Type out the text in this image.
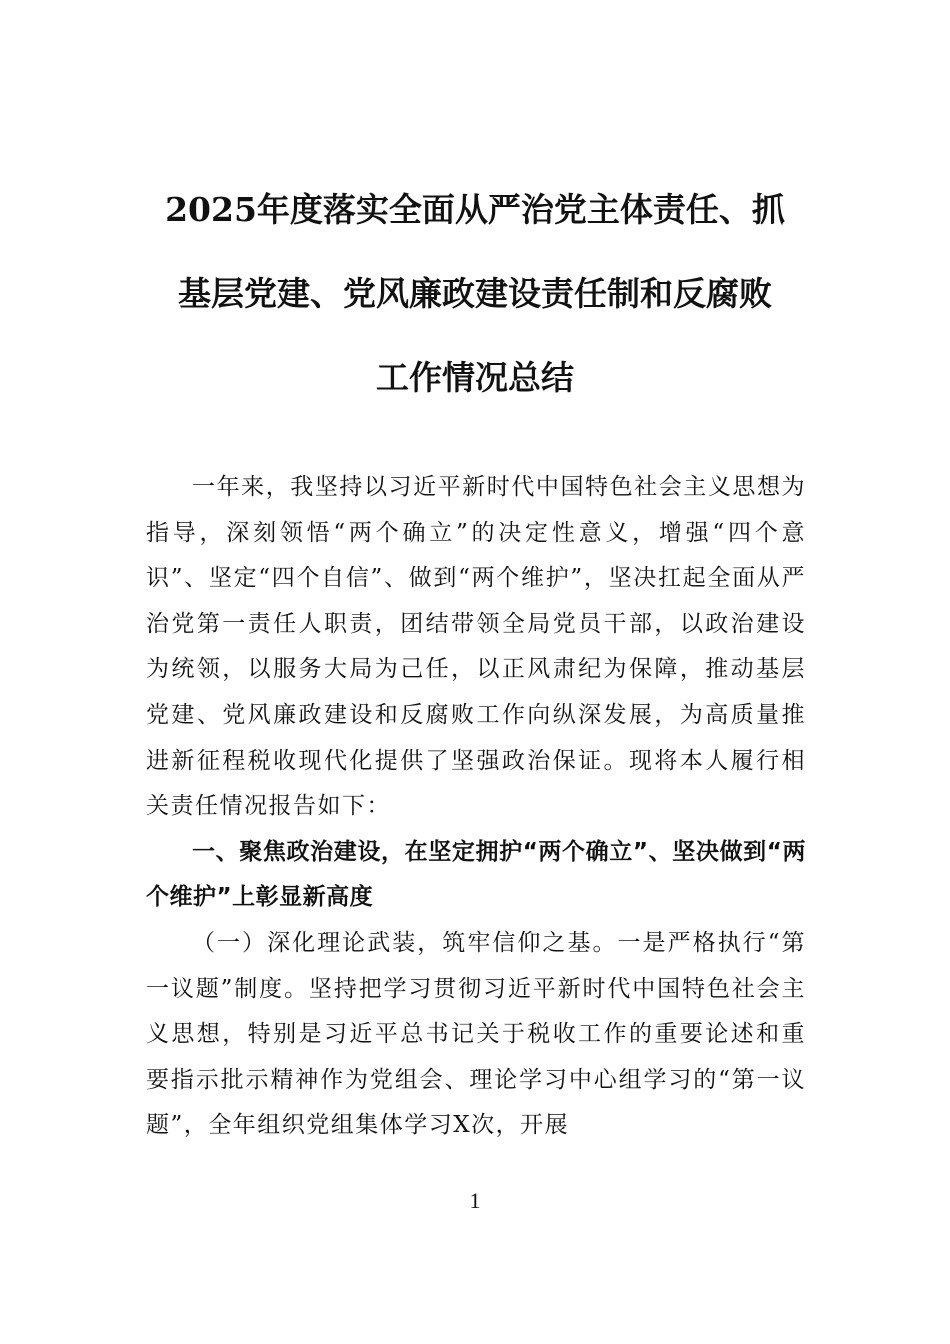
2025年度落实全面从严治党主体责任、抓
基层党建、党风廉政建设责任制和反腐败
工作情况总结

一年来，我坚持以习近平新时代中国特色社会主义思想为指导，深刻领悟“两个确立”的决定性意义，增强“四个意识”、坚定“四个自信”、做到“两个维护”，坚决扛起全面从严治党第一责任人职责，团结带领全局党员干部，以政治建设为统领，以服务大局为己任，以正风肃纪为保障，推动基层党建、党风廉政建设和反腐败工作向纵深发展，为高质量推进新征程税收现代化提供了坚强政治保证。现将本人履行相关责任情况报告如下：

一、聚焦政治建设，在坚定拥护“两个确立”、坚决做到“两个维护”上彰显新高度

（一）深化理论武装，筑牢信仰之基。一是严格执行“第一议题”制度。坚持把学习贯彻习近平新时代中国特色社会主义思想，特别是习近平总书记关于税收工作的重要论述和重要指示批示精神作为党组会、理论学习中心组学习的“第一议题”，全年组织党组集体学习X次，开展

1
